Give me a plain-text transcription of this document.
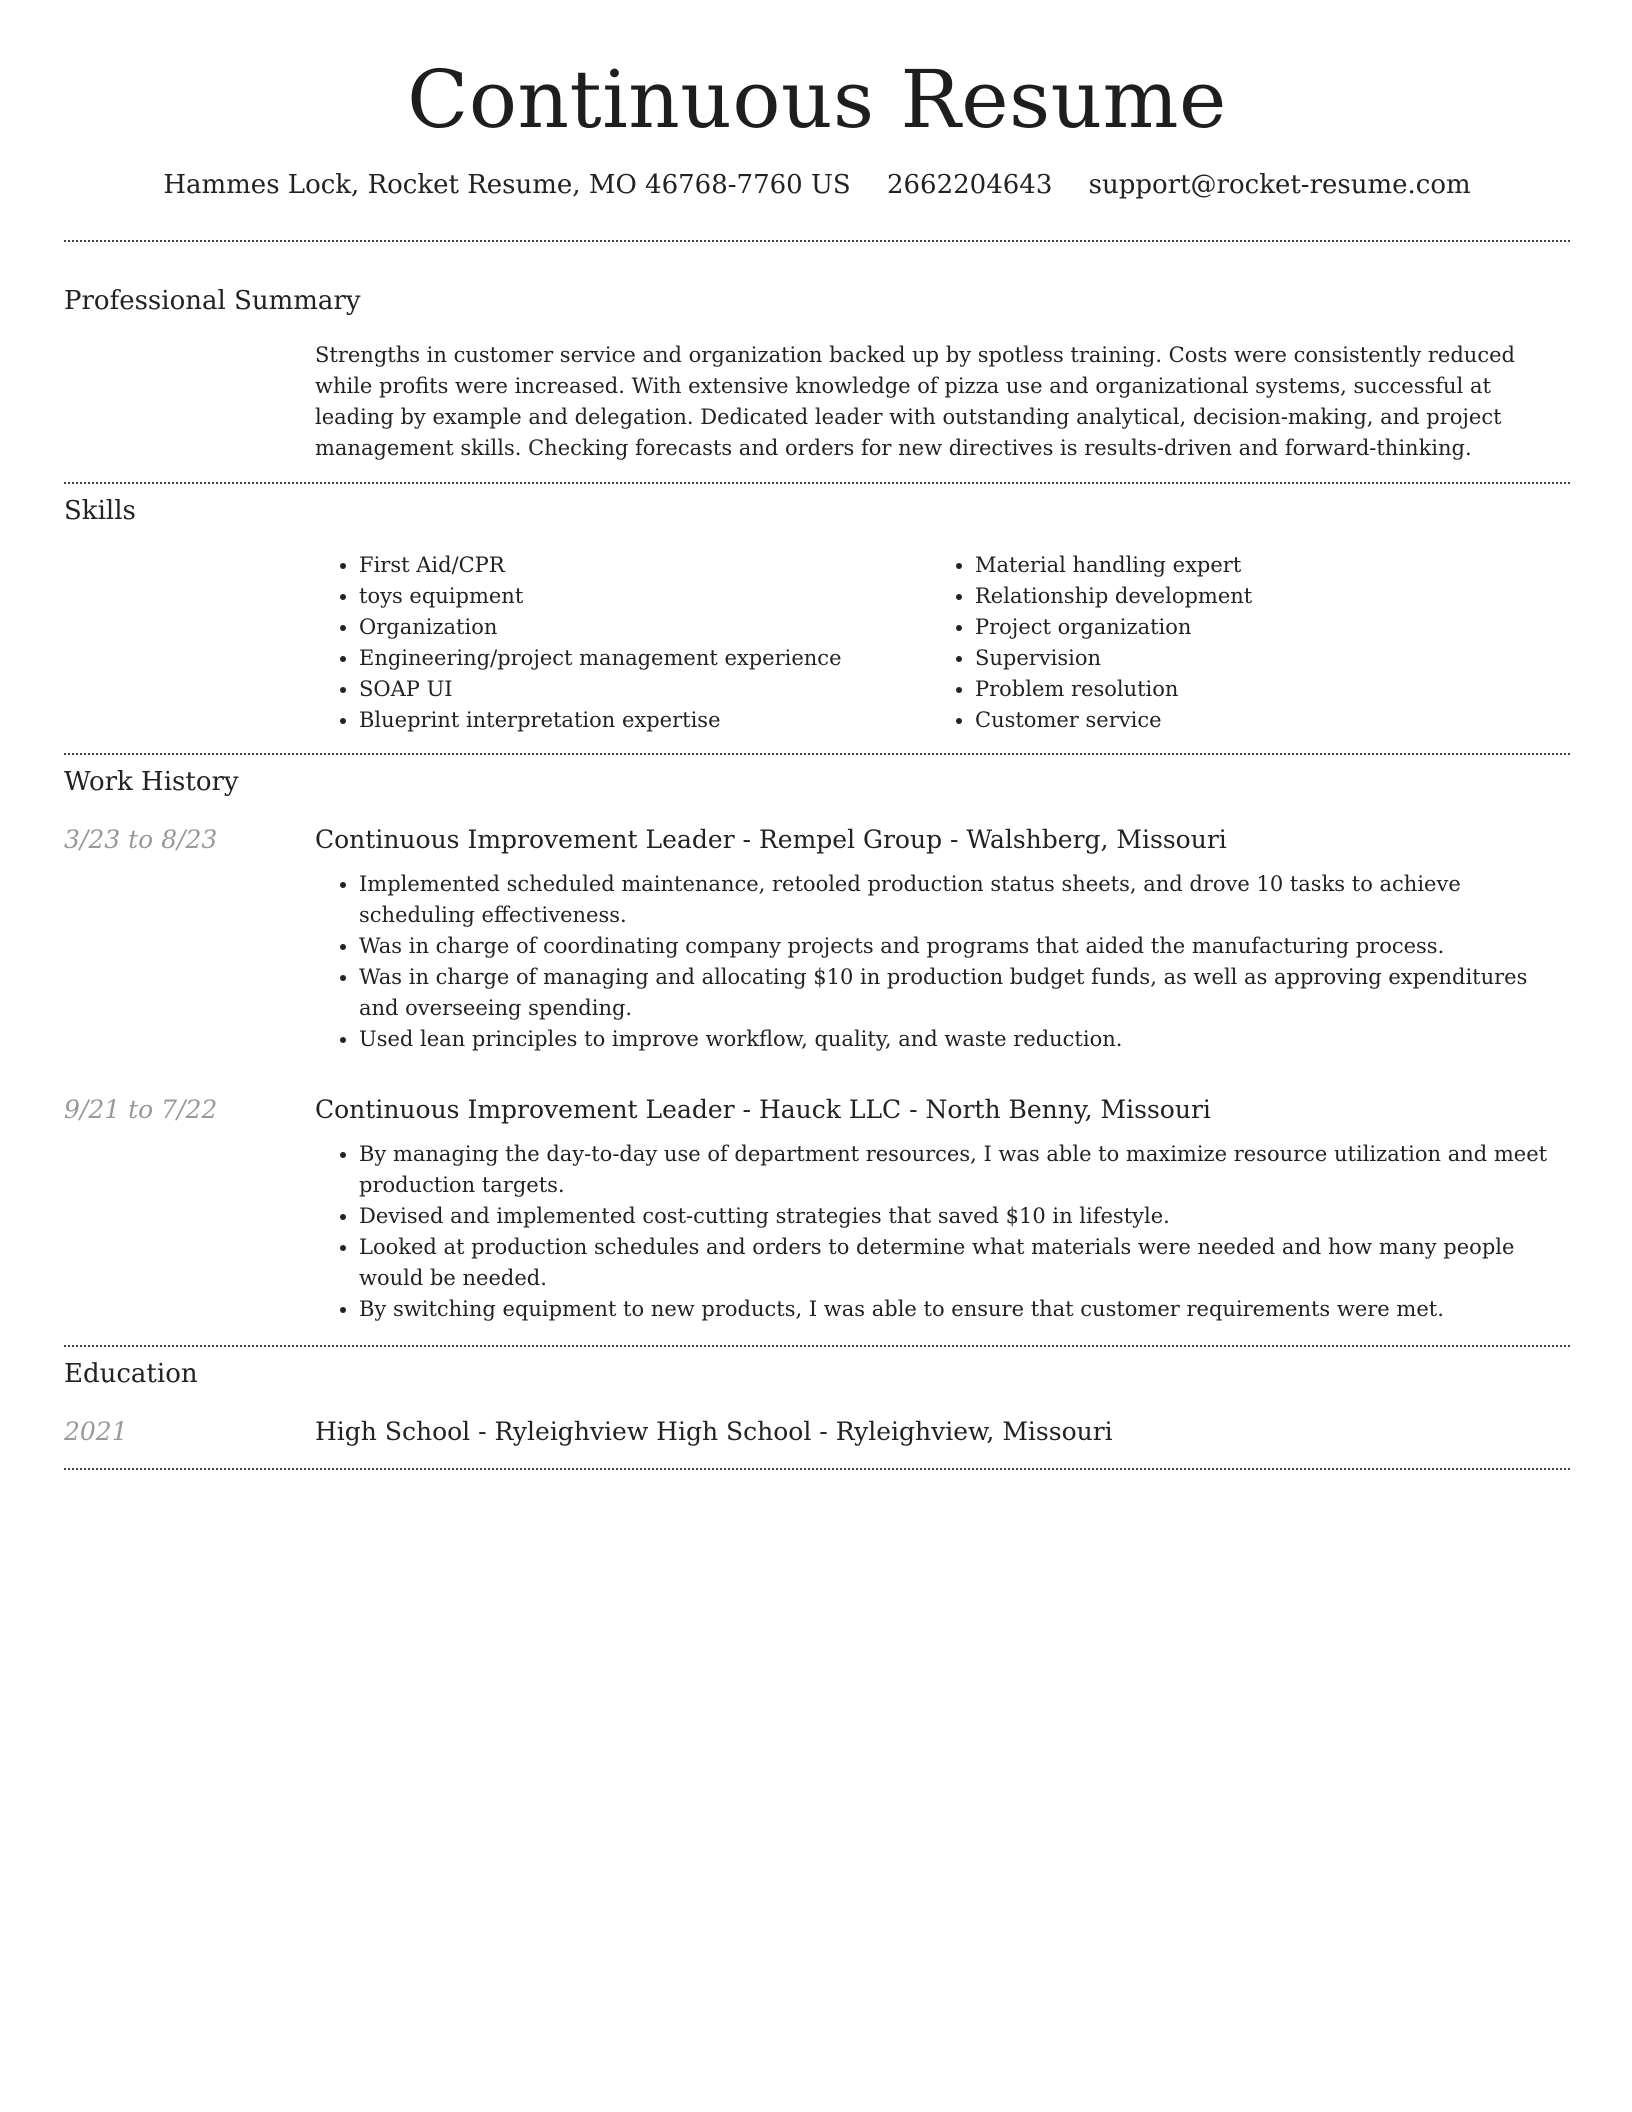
Continuous Resume
Hammes Lock, Rocket Resume, MO 46768-7760 US 2662204643 support@rocket-resume.com
Professional Summary

Strengths in customer service and organization backed up by spotless training. Costs were consistently reduced while profits were increased. With extensive knowledge of pizza use and organizational systems, successful at leading by example and delegation. Dedicated leader with outstanding analytical, decision-making, and project management skills. Checking forecasts and orders for new directives is results-driven and forward-thinking.

Skills
• First Aid/CPR
• toys equipment
• Organization
• Engineering/project management experience
• SOAP UI
• Blueprint interpretation expertise
• Material handling expert
• Relationship development
• Project organization
• Supervision
• Problem resolution
• Customer service
Work History
3/23 to 8/23	Continuous Improvement Leader - Rempel Group - Walshberg, Missouri

• Implemented scheduled maintenance, retooled production status sheets, and drove 10 tasks to achieve scheduling effectiveness.
• Was in charge of coordinating company projects and programs that aided the manufacturing process.
• Was in charge of managing and allocating $10 in production budget funds, as well as approving expenditures and overseeing spending.
• Used lean principles to improve workflow, quality, and waste reduction.
9/21 to 7/22	Continuous Improvement Leader - Hauck LLC - North Benny, Missouri

• By managing the day-to-day use of department resources, I was able to maximize resource utilization and meet production targets.
• Devised and implemented cost-cutting strategies that saved $10 in lifestyle.
• Looked at production schedules and orders to determine what materials were needed and how many people would be needed.
• By switching equipment to new products, I was able to ensure that customer requirements were met.
Education
2021	High School - Ryleighview High School - Ryleighview, Missouri
